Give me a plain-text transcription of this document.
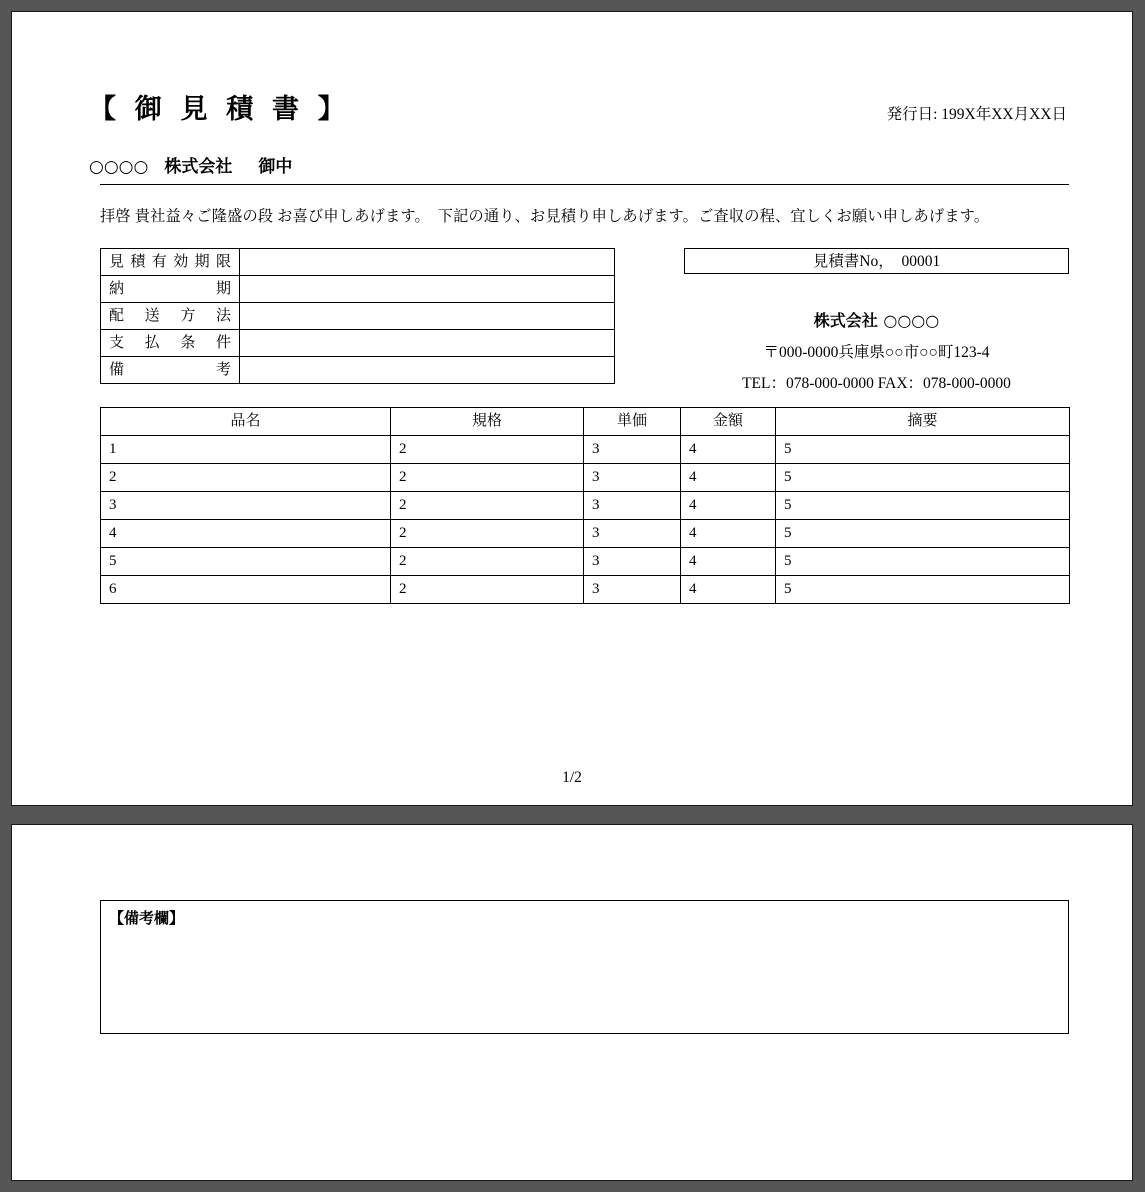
【 御 見 積 書 】	発行日: 199X年XX月XX日
○○○○ 株式会社 御中
拝啓 貴社益々ご隆盛の段 お喜び申しあげます。　下記の通り、お見積り申しあげます。ご査収の程、宜しくお願い申しあげます。
見積有効期限	
納期	
配送方法	
支払条件	
備考	
見積書No，　00001
株式会社 ○○○○
〒000-0000兵庫県○○市○○町123-4
TEL：078-000-0000 FAX：078-000-0000
品名	規格	単価	金額	摘要
1	2	3	4	5
2	2	3	4	5
3	2	3	4	5
4	2	3	4	5
5	2	3	4	5
6	2	3	4	5
1/2
【備考欄】
